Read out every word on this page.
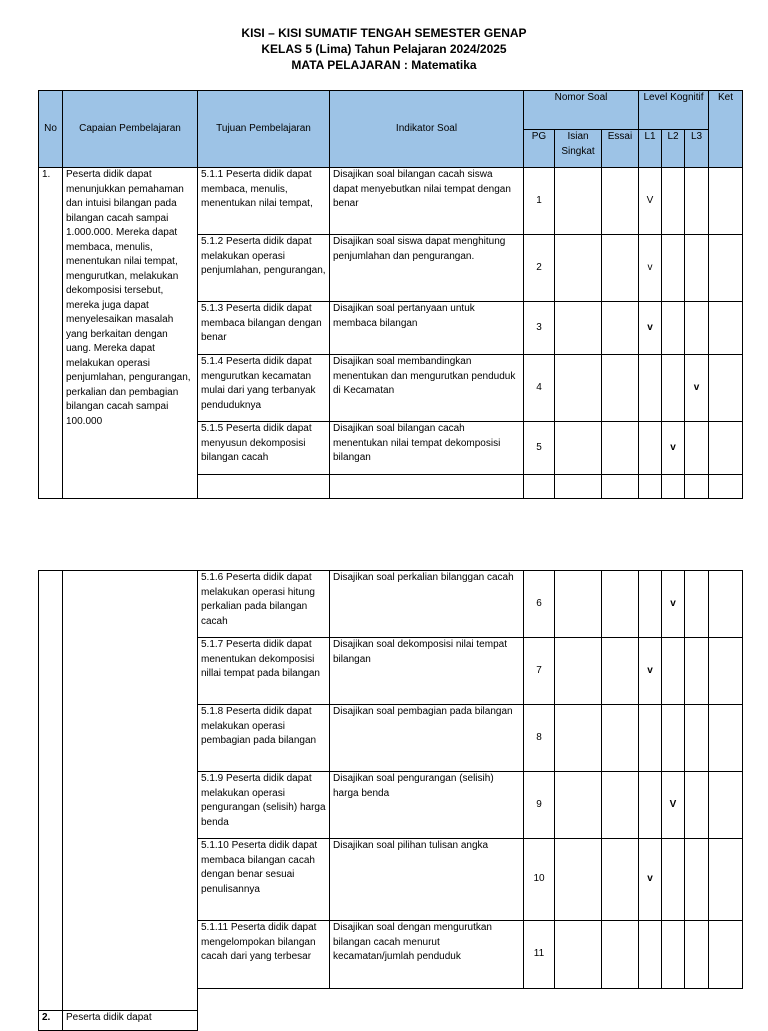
KISI – KISI SUMATIF TENGAH SEMESTER GENAP
KELAS 5 (Lima) Tahun Pelajaran 2024/2025
MATA PELAJARAN : Matematika
No	Capaian Pembelajaran	Tujuan Pembelajaran	Indikator Soal	Nomor Soal			Level Kognitif			Ket
				PG	Isian Singkat	Essai	L1	L2	L3	
1.	Peserta didik dapat menunjukkan pemahaman dan intuisi bilangan pada bilangan cacah sampai 1.000.000. Mereka dapat membaca, menulis, menentukan nilai tempat, mengurutkan, melakukan dekomposisi tersebut, mereka juga dapat menyelesaikan masalah yang berkaitan dengan uang. Mereka dapat melakukan operasi penjumlahan, pengurangan, perkalian dan pembagian bilangan cacah sampai 100.000	5.1.1 Peserta didik dapat membaca, menulis, menentukan nilai tempat,	Disajikan soal bilangan cacah siswa dapat menyebutkan nilai tempat dengan benar	1			V			
		5.1.2 Peserta didik dapat melakukan operasi penjumlahan, pengurangan,	Disajikan soal siswa dapat menghitung penjumlahan dan pengurangan.	2			v			
		5.1.3 Peserta didik dapat membaca bilangan dengan benar	Disajikan soal pertanyaan untuk membaca bilangan	3			v			
		5.1.4 Peserta didik dapat mengurutkan kecamatan mulai dari yang terbanyak penduduknya	Disajikan soal membandingkan menentukan dan mengurutkan penduduk di Kecamatan	4					v	
		5.1.5 Peserta didik dapat menyusun dekomposisi bilangan cacah	Disajikan soal bilangan cacah menentukan nilai tempat dekomposisi bilangan	5				v		

		5.1.6 Peserta didik dapat melakukan operasi hitung perkalian pada bilangan cacah	Disajikan soal perkalian bilanggan cacah	6				v		
		5.1.7 Peserta didik dapat menentukan dekomposisi nillai tempat pada bilangan	Disajikan soal dekomposisi nilai tempat bilangan	7			v			
		5.1.8 Peserta didik dapat melakukan operasi pembagian pada bilangan	Disajikan soal pembagian pada bilangan	8						
		5.1.9 Peserta didik dapat melakukan operasi pengurangan (selisih) harga benda	Disajikan soal pengurangan (selisih) harga benda	9				V		
		5.1.10 Peserta didik dapat membaca bilangan cacah dengan benar sesuai penulisannya	Disajikan soal pilihan tulisan angka	10			v			
		5.1.11 Peserta didik dapat mengelompokan bilangan cacah dari yang terbesar	Disajikan soal dengan mengurutkan bilangan cacah menurut kecamatan/jumlah penduduk	11						

2.	Peserta didik dapat									
